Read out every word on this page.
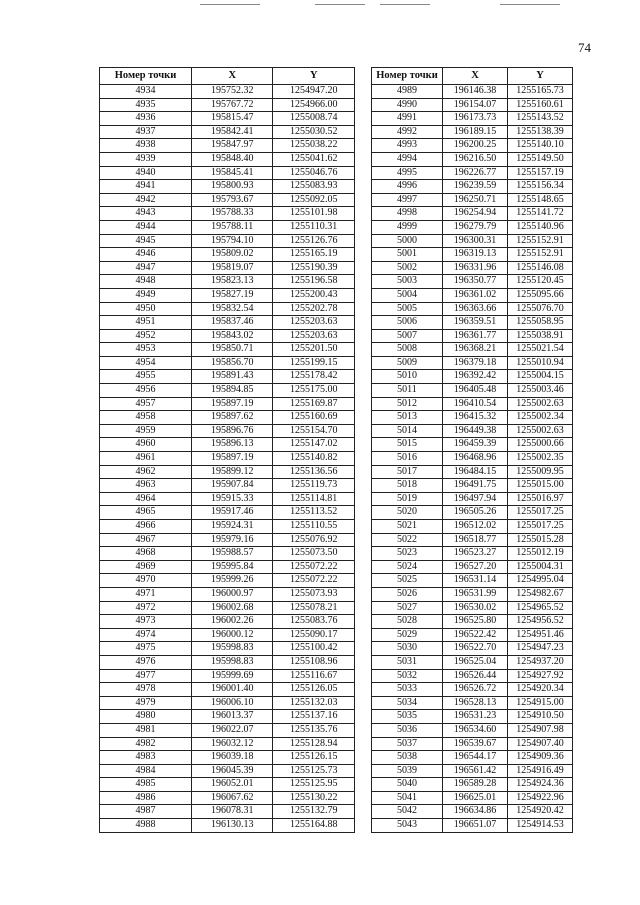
74
Номер точки	X	Y
4934	195752.32	1254947.20
4935	195767.72	1254966.00
4936	195815.47	1255008.74
4937	195842.41	1255030.52
4938	195847.97	1255038.22
4939	195848.40	1255041.62
4940	195845.41	1255046.76
4941	195800.93	1255083.93
4942	195793.67	1255092.05
4943	195788.33	1255101.98
4944	195788.11	1255110.31
4945	195794.10	1255126.76
4946	195809.02	1255165.19
4947	195819.07	1255190.39
4948	195823.13	1255196.58
4949	195827.19	1255200.43
4950	195832.54	1255202.78
4951	195837.46	1255203.63
4952	195843.02	1255203.63
4953	195850.71	1255201.50
4954	195856.70	1255199.15
4955	195891.43	1255178.42
4956	195894.85	1255175.00
4957	195897.19	1255169.87
4958	195897.62	1255160.69
4959	195896.76	1255154.70
4960	195896.13	1255147.02
4961	195897.19	1255140.82
4962	195899.12	1255136.56
4963	195907.84	1255119.73
4964	195915.33	1255114.81
4965	195917.46	1255113.52
4966	195924.31	1255110.55
4967	195979.16	1255076.92
4968	195988.57	1255073.50
4969	195995.84	1255072.22
4970	195999.26	1255072.22
4971	196000.97	1255073.93
4972	196002.68	1255078.21
4973	196002.26	1255083.76
4974	196000.12	1255090.17
4975	195998.83	1255100.42
4976	195998.83	1255108.96
4977	195999.69	1255116.67
4978	196001.40	1255126.05
4979	196006.10	1255132.03
4980	196013.37	1255137.16
4981	196022.07	1255135.76
4982	196032.12	1255128.94
4983	196039.18	1255126.15
4984	196045.39	1255125.73
4985	196052.01	1255125.95
4986	196067.62	1255130.22
4987	196078.31	1255132.79
4988	196130.13	1255164.88
Номер точки	X	Y
4989	196146.38	1255165.73
4990	196154.07	1255160.61
4991	196173.73	1255143.52
4992	196189.15	1255138.39
4993	196200.25	1255140.10
4994	196216.50	1255149.50
4995	196226.77	1255157.19
4996	196239.59	1255156.34
4997	196250.71	1255148.65
4998	196254.94	1255141.72
4999	196279.79	1255140.96
5000	196300.31	1255152.91
5001	196319.13	1255152.91
5002	196331.96	1255146.08
5003	196350.77	1255120.45
5004	196361.02	1255095.66
5005	196363.66	1255076.70
5006	196359.51	1255058.95
5007	196361.77	1255038.91
5008	196368.21	1255021.54
5009	196379.18	1255010.94
5010	196392.42	1255004.15
5011	196405.48	1255003.46
5012	196410.54	1255002.63
5013	196415.32	1255002.34
5014	196449.38	1255002.63
5015	196459.39	1255000.66
5016	196468.96	1255002.35
5017	196484.15	1255009.95
5018	196491.75	1255015.00
5019	196497.94	1255016.97
5020	196505.26	1255017.25
5021	196512.02	1255017.25
5022	196518.77	1255015.28
5023	196523.27	1255012.19
5024	196527.20	1255004.31
5025	196531.14	1254995.04
5026	196531.99	1254982.67
5027	196530.02	1254965.52
5028	196525.80	1254956.52
5029	196522.42	1254951.46
5030	196522.70	1254947.23
5031	196525.04	1254937.20
5032	196526.44	1254927.92
5033	196526.72	1254920.34
5034	196528.13	1254915.00
5035	196531.23	1254910.50
5036	196534.60	1254907.98
5037	196539.67	1254907.40
5038	196544.17	1254909.36
5039	196561.42	1254916.49
5040	196589.28	1254924.36
5041	196625.01	1254922.96
5042	196634.86	1254920.42
5043	196651.07	1254914.53
